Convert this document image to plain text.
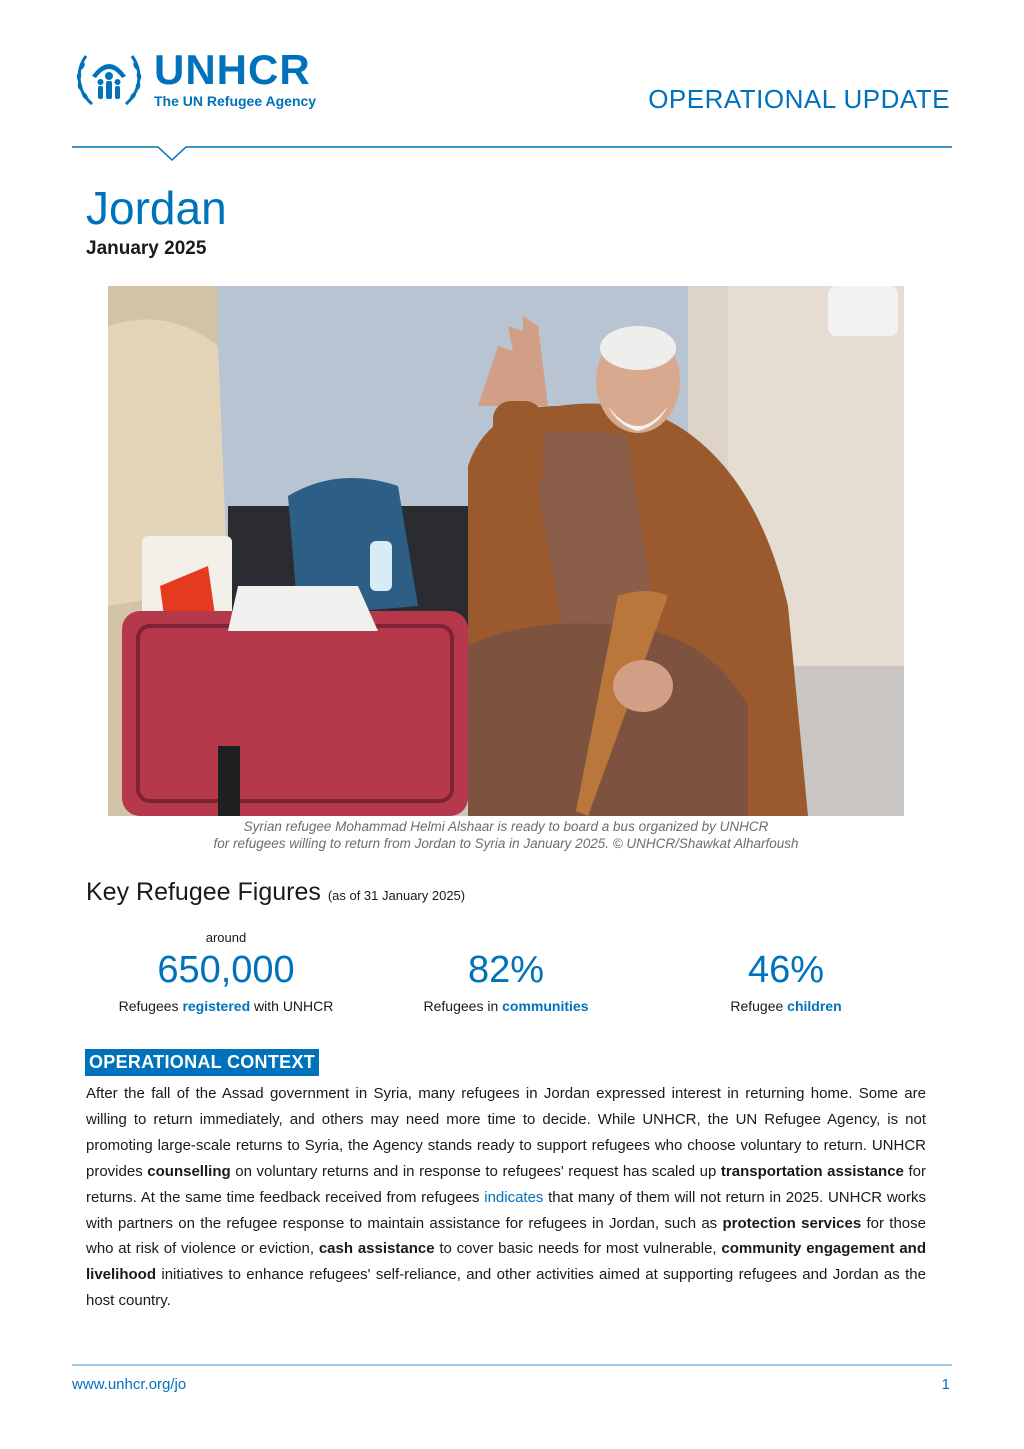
UNHCR
The UN Refugee Agency	OPERATIONAL UPDATE
Jordan
January 2025
Syrian refugee Mohammad Helmi Alshaar is ready to board a bus organized by UNHCR
for refugees willing to return from Jordan to Syria in January 2025. © UNHCR/Shawkat Alharfoush
Key Refugee Figures (as of 31 January 2025)
around
650,000
Refugees registered with UNHCR
82%
Refugees in communities
46%
Refugee children
OPERATIONAL CONTEXT
After the fall of the Assad government in Syria, many refugees in Jordan expressed interest in returning home. Some are willing to return immediately, and others may need more time to decide. While UNHCR, the UN Refugee Agency, is not promoting large-scale returns to Syria, the Agency stands ready to support refugees who choose voluntary to return. UNHCR provides counselling on voluntary returns and in response to refugees' request has scaled up transportation assistance for returns. At the same time feedback received from refugees indicates that many of them will not return in 2025. UNHCR works with partners on the refugee response to maintain assistance for refugees in Jordan, such as protection services for those who at risk of violence or eviction, cash assistance to cover basic needs for most vulnerable, community engagement and livelihood initiatives to enhance refugees' self-reliance, and other activities aimed at supporting refugees and Jordan as the host country.
www.unhcr.org/jo	1
